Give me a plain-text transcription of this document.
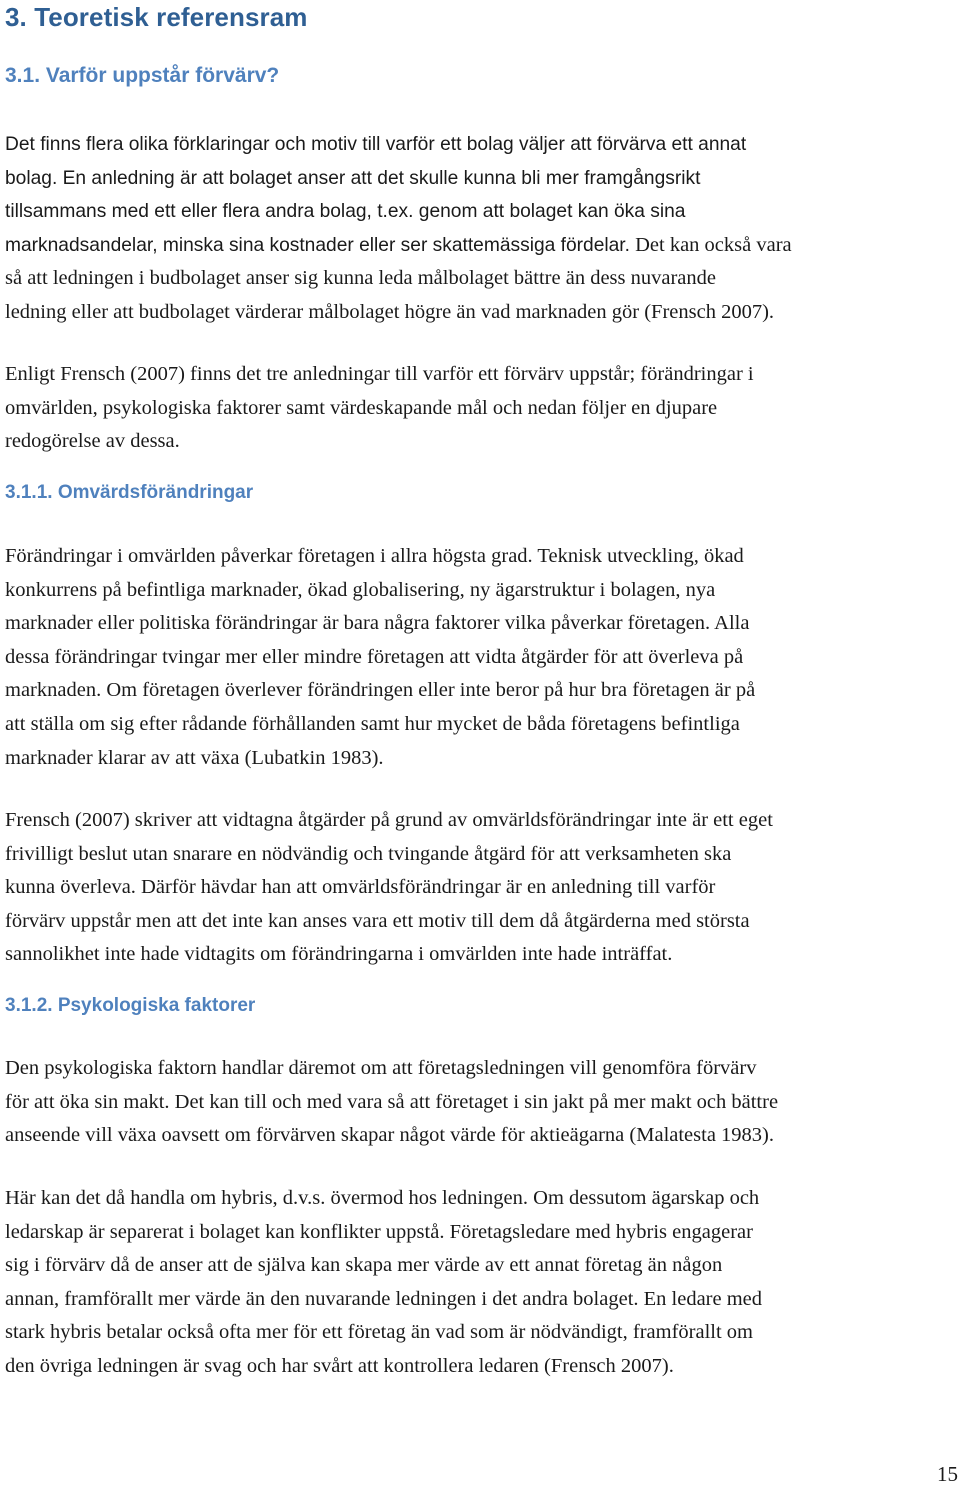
3. Teoretisk referensram
3.1. Varför uppstår förvärv?
Det finns flera olika förklaringar och motiv till varför ett bolag väljer att förvärva ett annat
bolag. En anledning är att bolaget anser att det skulle kunna bli mer framgångsrikt
tillsammans med ett eller flera andra bolag, t.ex. genom att bolaget kan öka sina
marknadsandelar, minska sina kostnader eller ser skattemässiga fördelar. Det kan också vara
så att ledningen i budbolaget anser sig kunna leda målbolaget bättre än dess nuvarande
ledning eller att budbolaget värderar målbolaget högre än vad marknaden gör (Frensch 2007).
Enligt Frensch (2007) finns det tre anledningar till varför ett förvärv uppstår; förändringar i
omvärlden, psykologiska faktorer samt värdeskapande mål och nedan följer en djupare
redogörelse av dessa.
3.1.1. Omvärdsförändringar
Förändringar i omvärlden påverkar företagen i allra högsta grad. Teknisk utveckling, ökad
konkurrens på befintliga marknader, ökad globalisering, ny ägarstruktur i bolagen, nya
marknader eller politiska förändringar är bara några faktorer vilka påverkar företagen. Alla
dessa förändringar tvingar mer eller mindre företagen att vidta åtgärder för att överleva på
marknaden. Om företagen överlever förändringen eller inte beror på hur bra företagen är på
att ställa om sig efter rådande förhållanden samt hur mycket de båda företagens befintliga
marknader klarar av att växa (Lubatkin 1983).
Frensch (2007) skriver att vidtagna åtgärder på grund av omvärldsförändringar inte är ett eget
frivilligt beslut utan snarare en nödvändig och tvingande åtgärd för att verksamheten ska
kunna överleva. Därför hävdar han att omvärldsförändringar är en anledning till varför
förvärv uppstår men att det inte kan anses vara ett motiv till dem då åtgärderna med största
sannolikhet inte hade vidtagits om förändringarna i omvärlden inte hade inträffat.
3.1.2. Psykologiska faktorer
Den psykologiska faktorn handlar däremot om att företagsledningen vill genomföra förvärv
för att öka sin makt. Det kan till och med vara så att företaget i sin jakt på mer makt och bättre
anseende vill växa oavsett om förvärven skapar något värde för aktieägarna (Malatesta 1983).
Här kan det då handla om hybris, d.v.s. övermod hos ledningen. Om dessutom ägarskap och
ledarskap är separerat i bolaget kan konflikter uppstå. Företagsledare med hybris engagerar
sig i förvärv då de anser att de själva kan skapa mer värde av ett annat företag än någon
annan, framförallt mer värde än den nuvarande ledningen i det andra bolaget. En ledare med
stark hybris betalar också ofta mer för ett företag än vad som är nödvändigt, framförallt om
den övriga ledningen är svag och har svårt att kontrollera ledaren (Frensch 2007).
15
